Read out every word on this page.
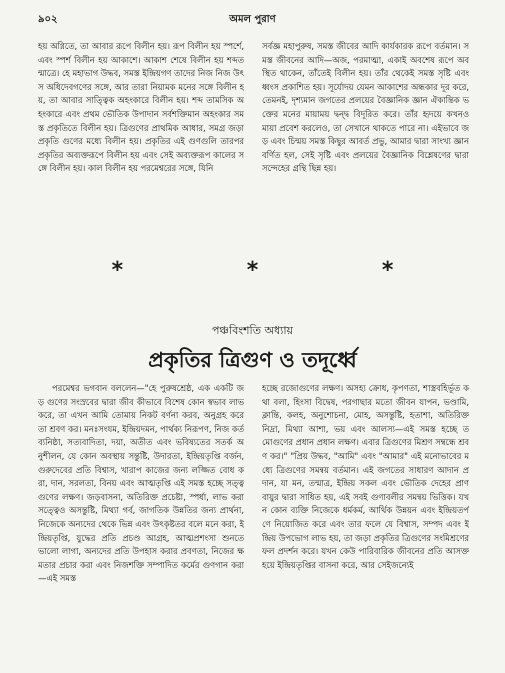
৯০২	অমল পুরাণ

হয় অগ্নিতে, তা আবার রূপে বিলীন হয়। রূপ বিলীন হয় স্পর্শে, এবং স্পর্শ বিলীন হয় আকাশে। আকাশ শেষে বিলীন হয় শব্দতন্মাত্রে। হে মহাভাগ উদ্ধব, সমস্ত ইন্দ্রিয়গণ তাদের নিজ নিজ উৎস অধিদেবগণের সঙ্গে, আর তারা নিয়ামক মনের সঙ্গে বিলীন হয়, তা আবার সাত্ত্বিক অহংকারে বিলীন হয়। শব্দ তামসিক অহংকারে এবং প্রথম ভৌতিক উপাদান সর্বশক্তিমান অহংকার সমস্ত প্রকৃতিতে বিলীন হয়। ত্রিগুণের প্রাথমিক আধার, সমগ্র জড়া প্রকৃতি গুণের মধ্যে বিলীন হয়। প্রকৃতির এই গুণগুলি তারপর প্রকৃতির অব্যক্তরূপে বিলীন হয় এবং সেই অব্যক্তরূপ কালের সঙ্গে বিলীন হয়। কাল বিলীন হয় পরমেশ্বরের সঙ্গে, যিনি

সর্বজ্ঞ মহাপুরুষ, সমস্ত জীবের আদি কার্যকারক রূপে বর্তমান। সমস্ত জীবনের আদি—অজ, পরমাত্মা, একাই অবশেষ রূপে অবস্থিত থাকেন, তাঁতেই বিলীন হয়। তাঁর থেকেই সমস্ত সৃষ্টি এবং ধ্বংস প্রকাশিত হয়। সূর্যোদয় যেমন আকাশের অন্ধকার দূর করে, তেমনই, দৃশ্যমান জগতের প্রলয়ের বৈজ্ঞানিক জ্ঞান ঐকান্তিক ভক্তের মনের মায়াময় দ্বন্দ্ব বিদূরিত করে। তাঁর হৃদয়ে কখনও মায়া প্রবেশ করলেও, তা সেখানে থাকতে পারে না। এইভাবে জড় এবং চিন্ময় সমস্ত কিছুর আবর্ত প্রভু, আমার দ্বারা সাংখ্য জ্ঞান বর্ণিত হল, সেই সৃষ্টি এবং প্রলয়ের বৈজ্ঞানিক বিশ্লেষণের দ্বারা সন্দেহের গ্রন্থি ছিন্ন হয়।

* * *
পঞ্চবিংশতি অধ্যায়
প্রকৃতির ত্রিগুণ ও তদূর্ধ্বে

পরমেশ্বর ভগবান বললেন—"হে পুরুষশ্রেষ্ঠ, এক একটি জড় গুণের সংস্রবের দ্বারা জীব কীভাবে বিশেষ কোন স্বভাব লাভ করে, তা এখন আমি তোমায় নিকট বর্ণনা করব, অনুগ্রহ করে তা শ্রবণ কর। মনঃসংযম, ইন্দ্রিয়দমন, পার্থক্য নিরূপণ, নিজ কর্তব্যনিষ্ঠা, সত্যবাদিতা, দয়া, অতীত এবং ভবিষ্যতের সতর্ক অনুশীলন, যে কোন অবস্থায় সন্তুষ্টি, উদারতা, ইন্দ্রিয়তৃপ্তি বর্জন, গুরুদেবের প্রতি বিশ্বাস, খারাপ কাজের জন্য লজ্জিত বোধ করা, দান, সরলতা, বিনয় এবং আত্মতৃপ্তি এই সমস্ত হচ্ছে সত্ত্বগুণের লক্ষণ। জড়বাসনা, অতিরিক্ত প্রচেষ্টা, স্পর্ধা, লাভ করা সত্ত্বেও অসন্তুষ্টি, মিথ্যা গর্ব, জাগতিক উন্নতির জন্য প্রার্থনা, নিজেকে অন্যদের থেকে ভিন্ন এবং উৎকৃষ্টতর বলে মনে করা, ইন্দ্রিয়তৃপ্তি, যুদ্ধের প্রতি প্রচণ্ড আগ্রহ, আত্মপ্রশংসা শুনতে ভালো লাগা, অন্যদের প্রতি উপহাস করার প্রবণতা, নিজের ক্ষমতার প্রচার করা এবং নিজশক্তি সম্পাদিত কর্মের গুণগান করা—এই সমস্ত

হচ্ছে রজোগুণের লক্ষণ। অসহ্য ক্রোধ, কৃপণতা, শাস্ত্রবহির্ভূত কথা বলা, হিংসা বিদ্বেষ, পরগাছার মতো জীবন যাপন, ভণ্ডামি, ক্লান্তি, কলহ, অনুশোচনা, মোহ, অসন্তুষ্টি, হতাশা, অতিরিক্ত নিদ্রা, মিথ্যা আশা, ভয় এবং আলস্য—এই সমস্ত হচ্ছে তমোগুণের প্রধান প্রধান লক্ষণ। এবার ত্রিগুণের মিশ্রণ সম্বন্ধে শ্রবণ কর।" "প্রিয় উদ্ধব, "আমি" এবং "আমার" এই মনোভাবের মধ্যে ত্রিগুণের সমন্বয় বর্তমান। এই জগতের সাধারণ আদান প্রদান, যা মন, তন্মাত্র, ইন্দ্রিয় সকল এবং ভৌতিক দেহের প্রাণ বায়ুর দ্বারা সাধিত হয়, এই সবই গুণাবলীর সমন্বয় ভিত্তিক। যখন কোন ব্যক্তি নিজেকে ধর্মকর্ম, আর্থিক উন্নয়ন এবং ইন্দ্রিয়তর্পণে নিয়োজিত করে এবং তার ফলে যে বিশ্বাস, সম্পদ এবং ইন্দ্রিয় উপভোগ লাভ হয়, তা জড়া প্রকৃতির ত্রিগুণের সংমিশ্রণের ফল প্রদর্শন করে। যখন কেউ পারিবারিক জীবনের প্রতি আসক্ত হয়ে ইন্দ্রিয়তৃপ্তির বাসনা করে, আর সেইজন্যেই
